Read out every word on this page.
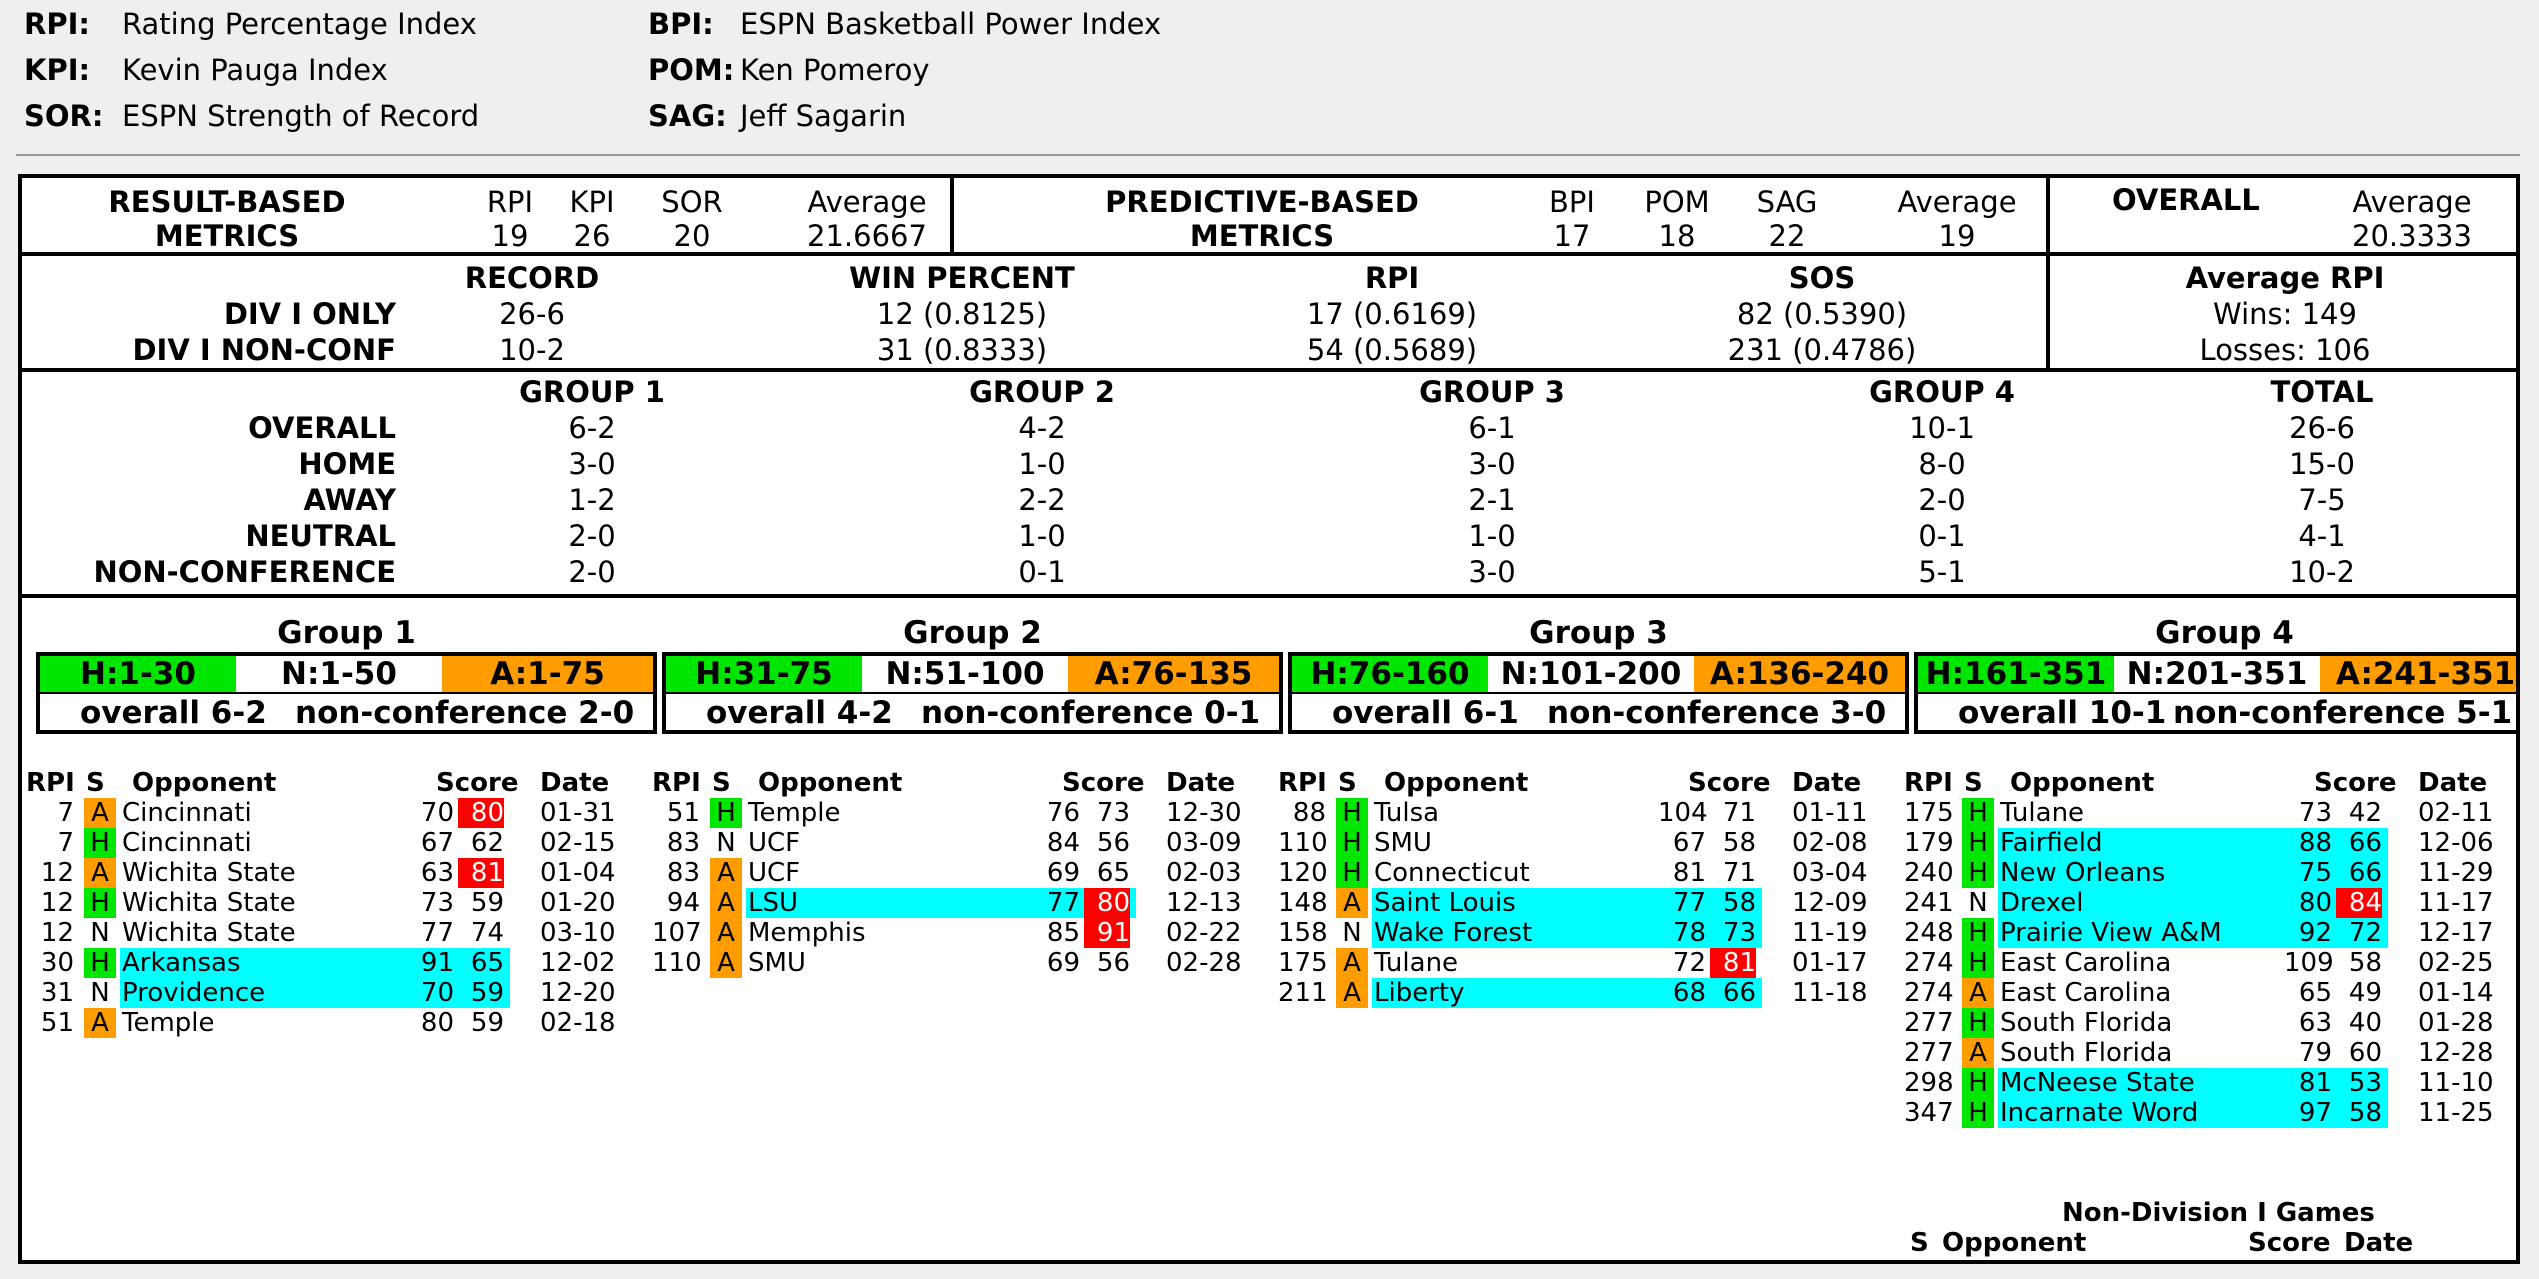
RPI: Rating Percentage Index
KPI: Kevin Pauga Index
SOR: ESPN Strength of Record
BPI: ESPN Basketball Power Index
POM: Ken Pomeroy
SAG: Jeff Sagarin
RESULT-BASED
METRICS
RPI	KPI	SOR	Average
19	26	20	21.6667
PREDICTIVE-BASED
METRICS
BPI	POM	SAG	Average
17	18	22	19
OVERALL	Average
20.3333
RECORD	WIN PERCENT	RPI	SOS
DIV I ONLY	26-6	12 (0.8125)	17 (0.6169)	82 (0.5390)
DIV I NON-CONF	10-2	31 (0.8333)	54 (0.5689)	231 (0.4786)
Average RPI
Wins: 149
Losses: 106
GROUP 1	GROUP 2	GROUP 3	GROUP 4	TOTAL
OVERALL	6-2	4-2	6-1	10-1	26-6
HOME	3-0	1-0	3-0	8-0	15-0
AWAY	1-2	2-2	2-1	2-0	7-5
NEUTRAL	2-0	1-0	1-0	0-1	4-1
NON-CONFERENCE	2-0	0-1	3-0	5-1	10-2
Group 1
H:1-30	N:1-50	A:1-75
overall 6-2 non-conference 2-0
RPI S Opponent	Score Date
7 A Cincinnati	70 80 01-31
7 H Cincinnati	67 62 02-15
12 A Wichita State	63 81 01-04
12 H Wichita State	73 59 01-20
12 N Wichita State	77 74 03-10
30 H Arkansas	91 65 12-02
31 N Providence	70 59 12-20
51 A Temple	80 59 02-18
Group 2
H:31-75	N:51-100	A:76-135
overall 4-2 non-conference 0-1
RPI S Opponent	Score Date
51 H Temple	76 73 12-30
83 N UCF	84 56 03-09
83 A UCF	69 65 02-03
94 A LSU	77 80 12-13
107 A Memphis	85 91 02-22
110 A SMU	69 56 02-28
Group 3
H:76-160	N:101-200 A:136-240
overall 6-1 non-conference 3-0
RPI S Opponent	Score Date
88 H Tulsa	104 71 01-11
110 H SMU	67 58 02-08
120 H Connecticut	81 71 03-04
148 A Saint Louis	77 58 12-09
158 N Wake Forest	78 73 11-19
175 A Tulane	72 81 01-17
211 A Liberty	68 66 11-18
Group 4
H:161-351 N:201-351 A:241-351
overall 10-1 non-conference 5-1
RPI S Opponent	Score Date
175 H Tulane	73 42 02-11
179 H Fairfield	88 66 12-06
240 H New Orleans	75 66 11-29
241 N Drexel	80 84 11-17
248 H Prairie View A&M	92 72 12-17
274 H East Carolina	109 58 02-25
274 A East Carolina	65 49 01-14
277 H South Florida	63 40 01-28
277 A South Florida	79 60 12-28
298 H McNeese State	81 53 11-10
347 H Incarnate Word	97 58 11-25
Non-Division I Games
S Opponent	Score Date
